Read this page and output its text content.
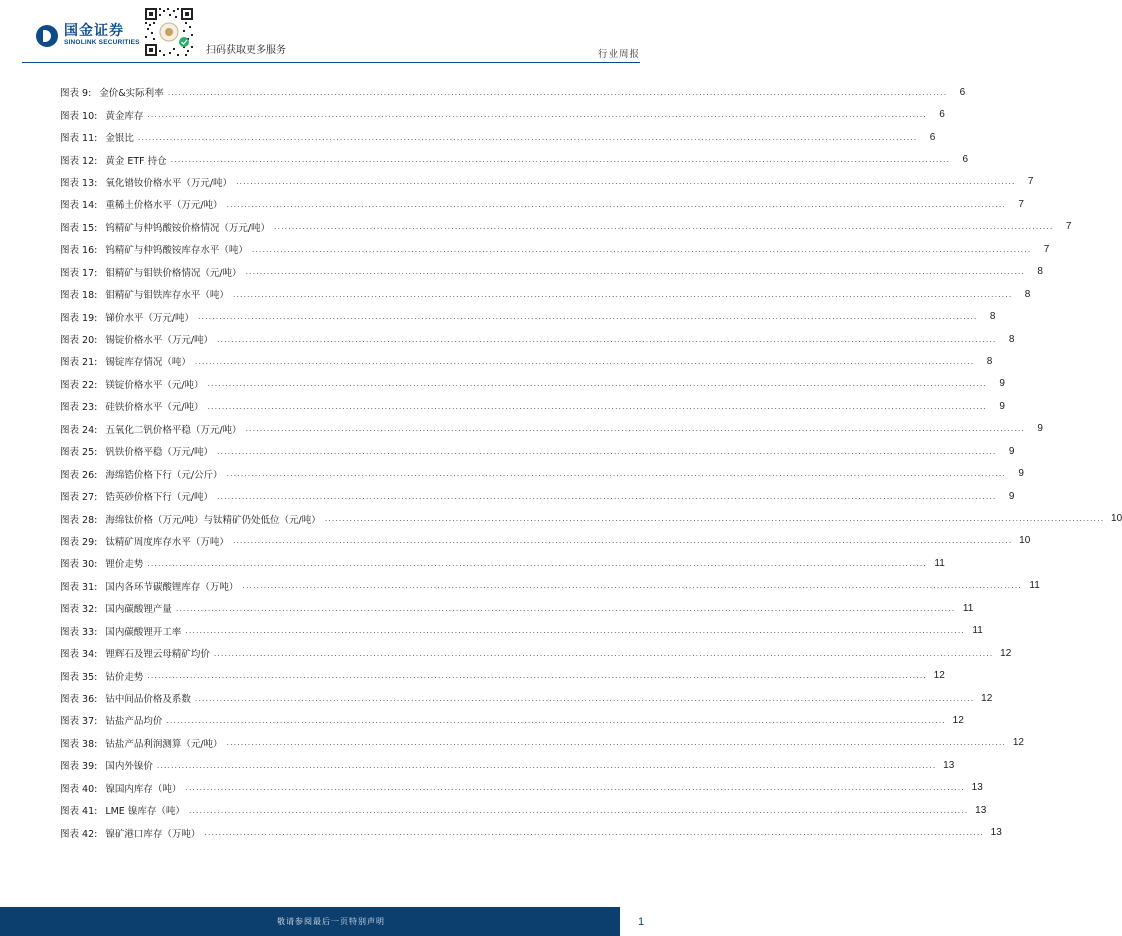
国金证券
SINOLINK SECURITIES
扫码获取更多服务	行业周报
图表 9: 金价&实际利率 ............................................................................................................................................................................................................................	6
图表 10: 黄金库存 ............................................................................................................................................................................................................................	6
图表 11: 金银比 ............................................................................................................................................................................................................................	6
图表 12: 黄金 ETF 持仓 ............................................................................................................................................................................................................................	6
图表 13: 氧化镨钕价格水平（万元/吨） ............................................................................................................................................................................................................................	7
图表 14: 重稀土价格水平（万元/吨） ............................................................................................................................................................................................................................	7
图表 15: 钨精矿与仲钨酸铵价格情况（万元/吨） ............................................................................................................................................................................................................................	7
图表 16: 钨精矿与仲钨酸铵库存水平（吨） ............................................................................................................................................................................................................................	7
图表 17: 钼精矿与钼铁价格情况（元/吨） ............................................................................................................................................................................................................................	8
图表 18: 钼精矿与钼铁库存水平（吨） ............................................................................................................................................................................................................................	8
图表 19: 锑价水平（万元/吨） ............................................................................................................................................................................................................................	8
图表 20: 锡锭价格水平（万元/吨） ............................................................................................................................................................................................................................	8
图表 21: 锡锭库存情况（吨） ............................................................................................................................................................................................................................	8
图表 22: 镁锭价格水平（元/吨） ............................................................................................................................................................................................................................	9
图表 23: 硅铁价格水平（元/吨） ............................................................................................................................................................................................................................	9
图表 24: 五氧化二钒价格平稳（万元/吨） ............................................................................................................................................................................................................................	9
图表 25: 钒铁价格平稳（万元/吨） ............................................................................................................................................................................................................................	9
图表 26: 海绵锆价格下行（元/公斤） ............................................................................................................................................................................................................................	9
图表 27: 锆英砂价格下行（元/吨） ............................................................................................................................................................................................................................	9
图表 28: 海绵钛价格（万元/吨）与钛精矿仍处低位（元/吨） ............................................................................................................................................................................................................................ 10
图表 29: 钛精矿周度库存水平（万吨） ............................................................................................................................................................................................................................ 10
图表 30: 锂价走势 ............................................................................................................................................................................................................................ 11
图表 31: 国内各环节碳酸锂库存（万吨） ............................................................................................................................................................................................................................ 11
图表 32: 国内碳酸锂产量 ............................................................................................................................................................................................................................ 11
图表 33: 国内碳酸锂开工率 ............................................................................................................................................................................................................................ 11
图表 34: 锂辉石及锂云母精矿均价 ............................................................................................................................................................................................................................ 12
图表 35: 钴价走势 ............................................................................................................................................................................................................................ 12
图表 36: 钴中间品价格及系数 ............................................................................................................................................................................................................................ 12
图表 37: 钴盐产品均价 ............................................................................................................................................................................................................................ 12
图表 38: 钴盐产品利润测算（元/吨） ............................................................................................................................................................................................................................ 12
图表 39: 国内外镍价 ............................................................................................................................................................................................................................ 13
图表 40: 镍国内库存（吨） ............................................................................................................................................................................................................................ 13
图表 41: LME 镍库存（吨） ............................................................................................................................................................................................................................ 13
图表 42: 镍矿港口库存（万吨） ............................................................................................................................................................................................................................ 13
敬请参阅最后一页特别声明	1
